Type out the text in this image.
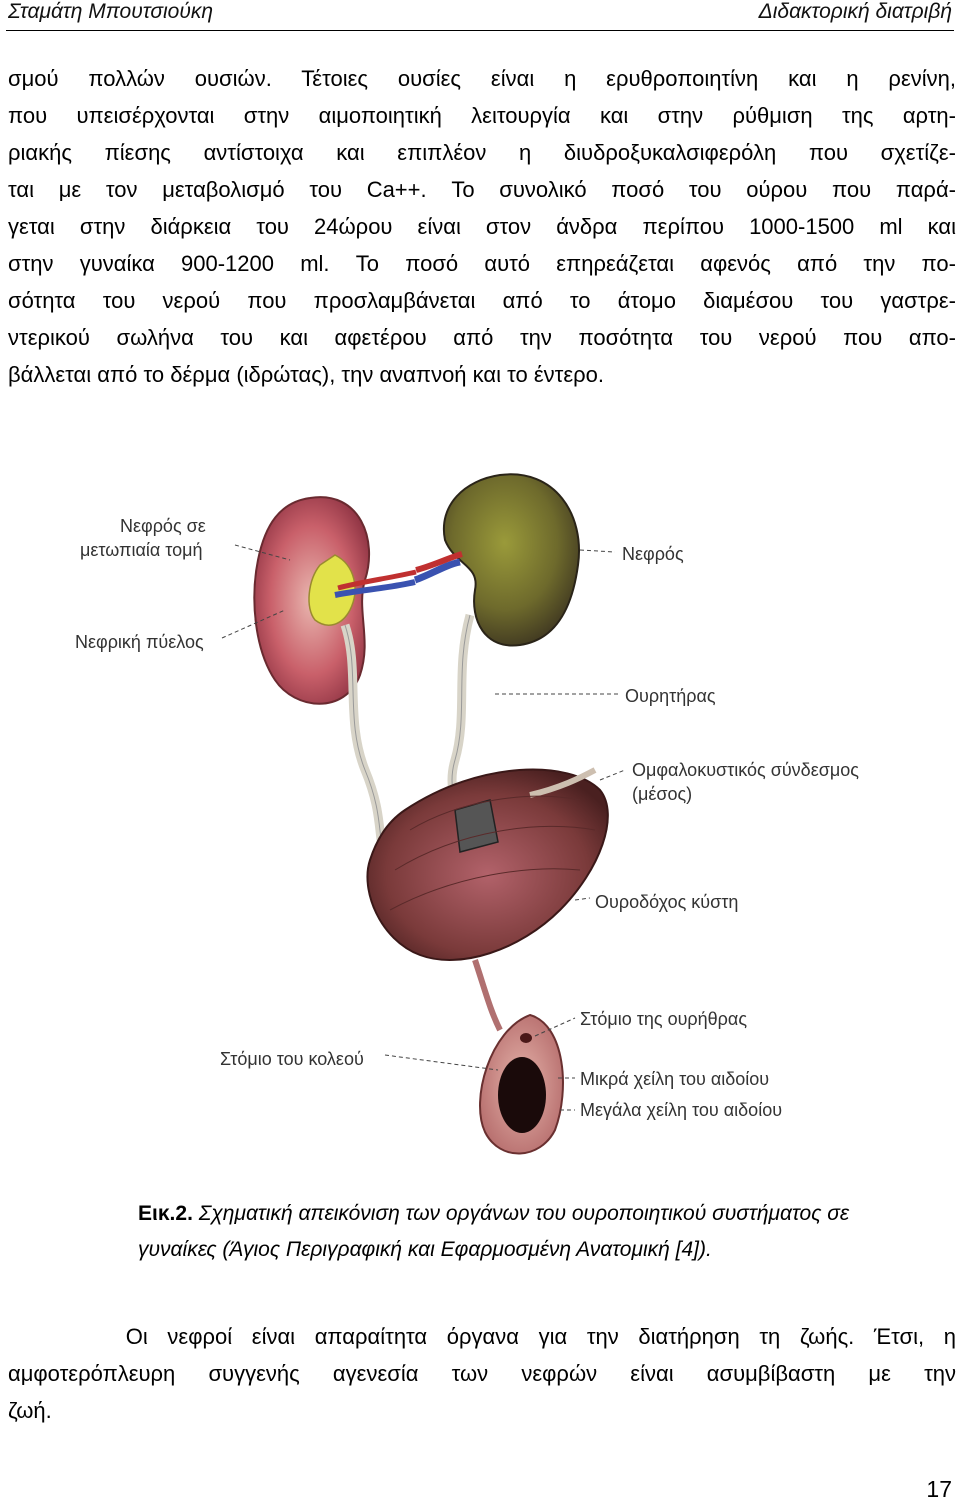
Σταμάτη Μπουτσιούκη	Διδακτορική διατριβή
σμού πολλών ουσιών. Τέτοιες ουσίες είναι η ερυθροποιητίνη και η ρενίνη,
που υπεισέρχονται στην αιμοποιητική λειτουργία και στην ρύθμιση της αρτη-
ριακής πίεσης αντίστοιχα και επιπλέον η διυδροξυκαλσιφερόλη που σχετίζε-
ται με τον μεταβολισμό του Ca++. Το συνολικό ποσό του ούρου που παρά-
γεται στην διάρκεια του 24ώρου είναι στον άνδρα περίπου 1000-1500 ml και
στην γυναίκα 900-1200 ml. Το ποσό αυτό επηρεάζεται αφενός από την πο-
σότητα του νερού που προσλαμβάνεται από το άτομο διαμέσου του γαστρε-
ντερικού σωλήνα του και αφετέρου από την ποσότητα του νερού που απο-
βάλλεται από το δέρμα (ιδρώτας), την αναπνοή και το έντερο.
Νεφρός σε
μετωπιαία τομή	Νεφρός
Νεφρική πύελος
Ουρητήρας
Ομφαλοκυστικός σύνδεσμος
(μέσος)
Ουροδόχος κύστη
Στόμιο της ουρήθρας
Στόμιο του κολεού
Μικρά χείλη του αιδοίου
Μεγάλα χείλη του αιδοίου
Εικ.2. Σχηματική απεικόνιση των οργάνων του ουροποιητικού συστήματος σε
γυναίκες (Άγιος Περιγραφική και Εφαρμοσμένη Ανατομική [4]).
Οι νεφροί είναι απαραίτητα όργανα για την διατήρηση τη ζωής. Έτσι, η
αμφοτερόπλευρη συγγενής αγενεσία των νεφρών είναι ασυμβίβαστη με την
ζωή.
17
